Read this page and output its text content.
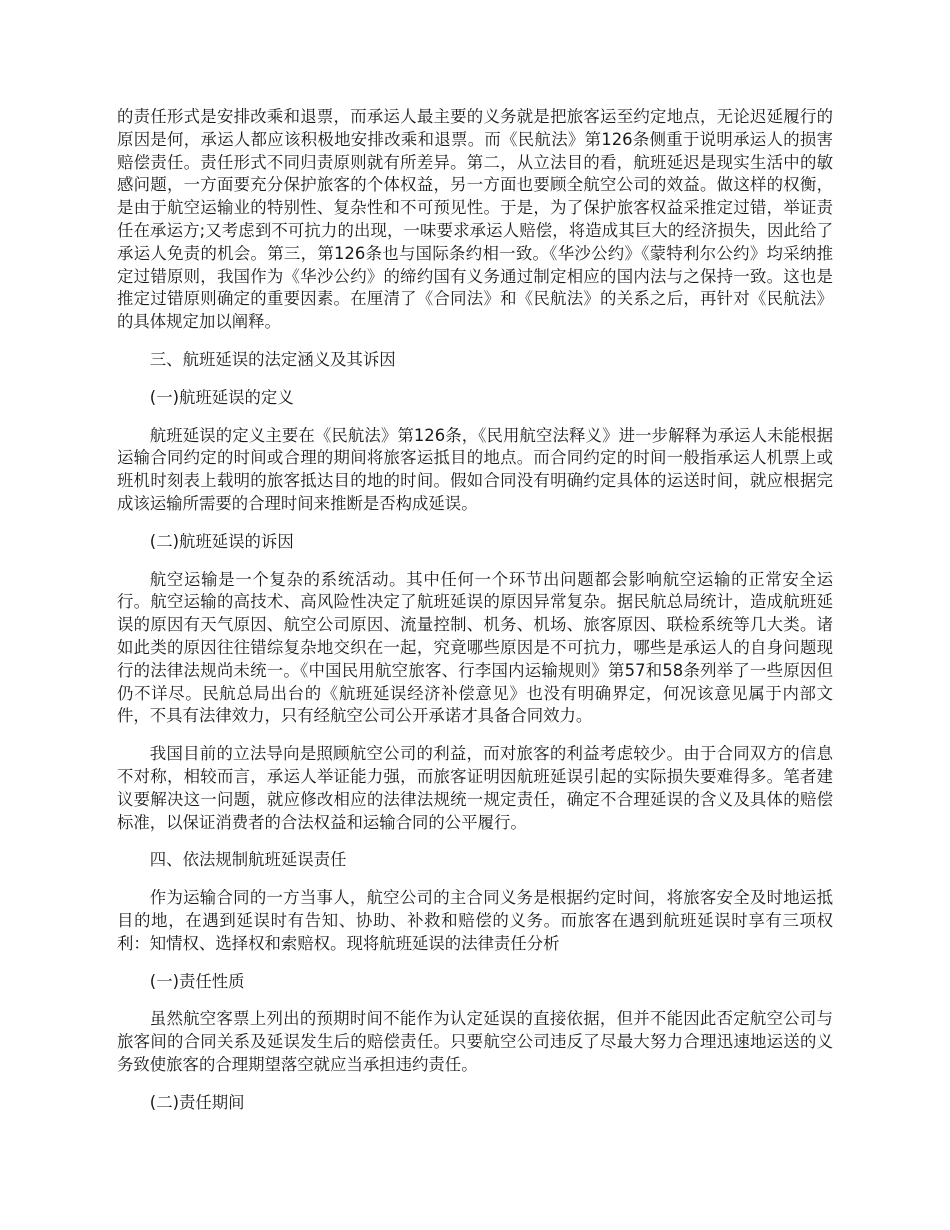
的责任形式是安排改乘和退票，而承运人最主要的义务就是把旅客运至约定地点，无论迟延履行的原因是何，承运人都应该积极地安排改乘和退票。而《民航法》第126条侧重于说明承运人的损害赔偿责任。责任形式不同归责原则就有所差异。第二，从立法目的看，航班延迟是现实生活中的敏感问题，一方面要充分保护旅客的个体权益，另一方面也要顾全航空公司的效益。做这样的权衡，是由于航空运输业的特别性、复杂性和不可预见性。于是，为了保护旅客权益采推定过错，举证责任在承运方;又考虑到不可抗力的出现，一味要求承运人赔偿，将造成其巨大的经济损失，因此给了承运人免责的机会。第三，第126条也与国际条约相一致。《华沙公约》《蒙特利尔公约》均采纳推定过错原则，我国作为《华沙公约》的缔约国有义务通过制定相应的国内法与之保持一致。这也是推定过错原则确定的重要因素。在厘清了《合同法》和《民航法》的关系之后，再针对《民航法》的具体规定加以阐释。

三、航班延误的法定涵义及其诉因

(一)航班延误的定义

航班延误的定义主要在《民航法》第126条，《民用航空法释义》进一步解释为承运人未能根据运输合同约定的时间或合理的期间将旅客运抵目的地点。而合同约定的时间一般指承运人机票上或班机时刻表上载明的旅客抵达目的地的时间。假如合同没有明确约定具体的运送时间，就应根据完成该运输所需要的合理时间来推断是否构成延误。

(二)航班延误的诉因

航空运输是一个复杂的系统活动。其中任何一个环节出问题都会影响航空运输的正常安全运行。航空运输的高技术、高风险性决定了航班延误的原因异常复杂。据民航总局统计，造成航班延误的原因有天气原因、航空公司原因、流量控制、机务、机场、旅客原因、联检系统等几大类。诸如此类的原因往往错综复杂地交织在一起，究竟哪些原因是不可抗力，哪些是承运人的自身问题现行的法律法规尚未统一。《中国民用航空旅客、行李国内运输规则》第57和58条列举了一些原因但仍不详尽。民航总局出台的《航班延误经济补偿意见》也没有明确界定，何况该意见属于内部文件，不具有法律效力，只有经航空公司公开承诺才具备合同效力。

我国目前的立法导向是照顾航空公司的利益，而对旅客的利益考虑较少。由于合同双方的信息不对称，相较而言，承运人举证能力强，而旅客证明因航班延误引起的实际损失要难得多。笔者建议要解决这一问题，就应修改相应的法律法规统一规定责任，确定不合理延误的含义及具体的赔偿标准，以保证消费者的合法权益和运输合同的公平履行。

四、依法规制航班延误责任

作为运输合同的一方当事人，航空公司的主合同义务是根据约定时间，将旅客安全及时地运抵目的地，在遇到延误时有告知、协助、补救和赔偿的义务。而旅客在遇到航班延误时享有三项权利：知情权、选择权和索赔权。现将航班延误的法律责任分析

(一)责任性质

虽然航空客票上列出的预期时间不能作为认定延误的直接依据，但并不能因此否定航空公司与旅客间的合同关系及延误发生后的赔偿责任。只要航空公司违反了尽最大努力合理迅速地运送的义务致使旅客的合理期望落空就应当承担违约责任。

(二)责任期间
